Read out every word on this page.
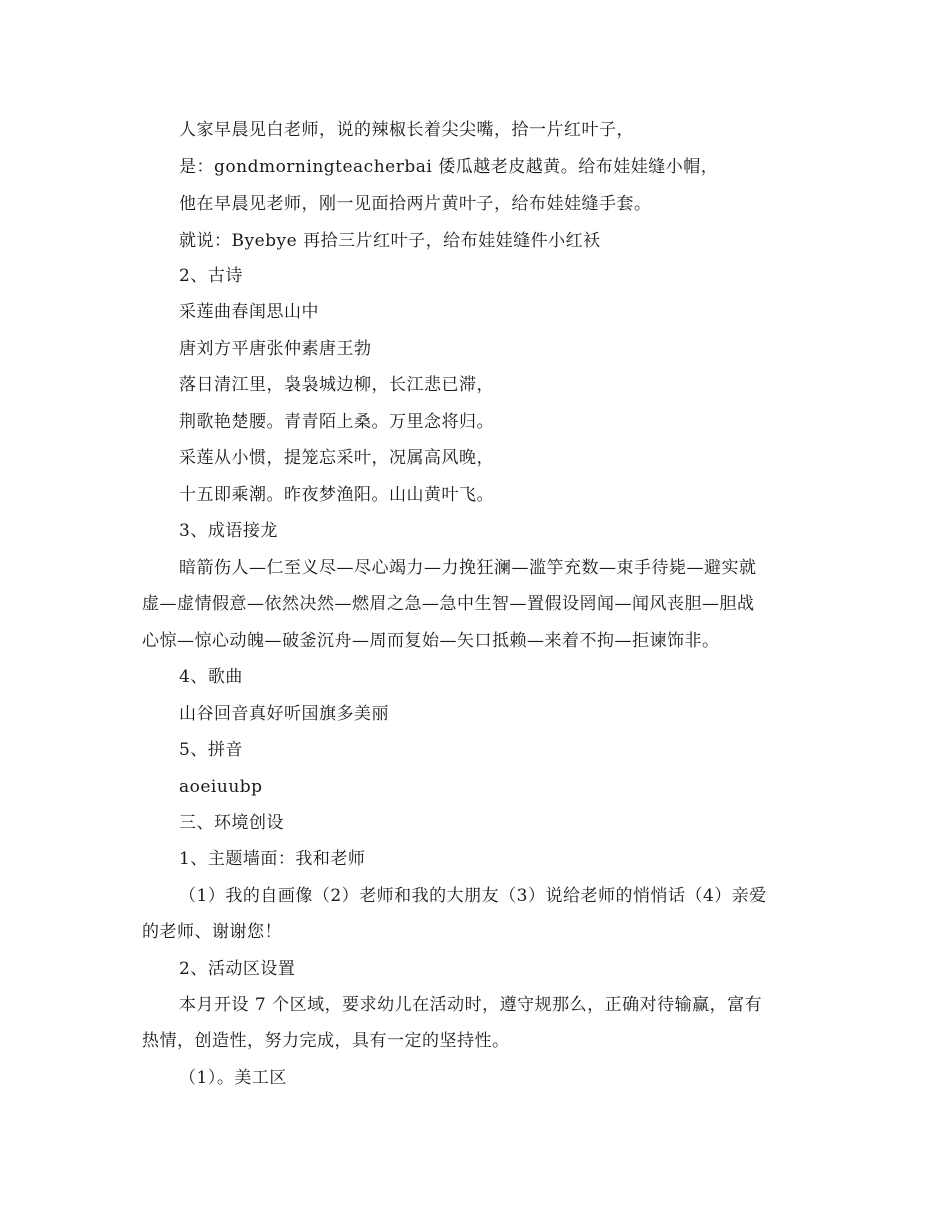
人家早晨见白老师，说的辣椒长着尖尖嘴，拾一片红叶子，
是：gondmorningteacherbai 倭瓜越老皮越黄。给布娃娃缝小帽，
他在早晨见老师，刚一见面拾两片黄叶子，给布娃娃缝手套。
就说：Byebye 再拾三片红叶子，给布娃娃缝件小红袄
2、古诗
采莲曲春闺思山中
唐刘方平唐张仲素唐王勃
落日清江里，袅袅城边柳，长江悲已滞，
荆歌艳楚腰。青青陌上桑。万里念将归。
采莲从小惯，提笼忘采叶，况属高风晚，
十五即乘潮。昨夜梦渔阳。山山黄叶飞。
3、成语接龙
暗箭伤人—仁至义尽—尽心竭力—力挽狂澜—滥竽充数—束手待毙—避实就
虚—虚情假意—依然决然—燃眉之急—急中生智—置假设罔闻—闻风丧胆—胆战
心惊—惊心动魄—破釜沉舟—周而复始—矢口抵赖—来着不拘—拒谏饰非。
4、歌曲
山谷回音真好听国旗多美丽
5、拼音
aoeiuubp
三、环境创设
1、主题墙面：我和老师
（1）我的自画像（2）老师和我的大朋友（3）说给老师的悄悄话（4）亲爱
的老师、谢谢您！
2、活动区设置
本月开设 7 个区域，要求幼儿在活动时，遵守规那么，正确对待输赢，富有
热情，创造性，努力完成，具有一定的坚持性。
（1）。美工区
